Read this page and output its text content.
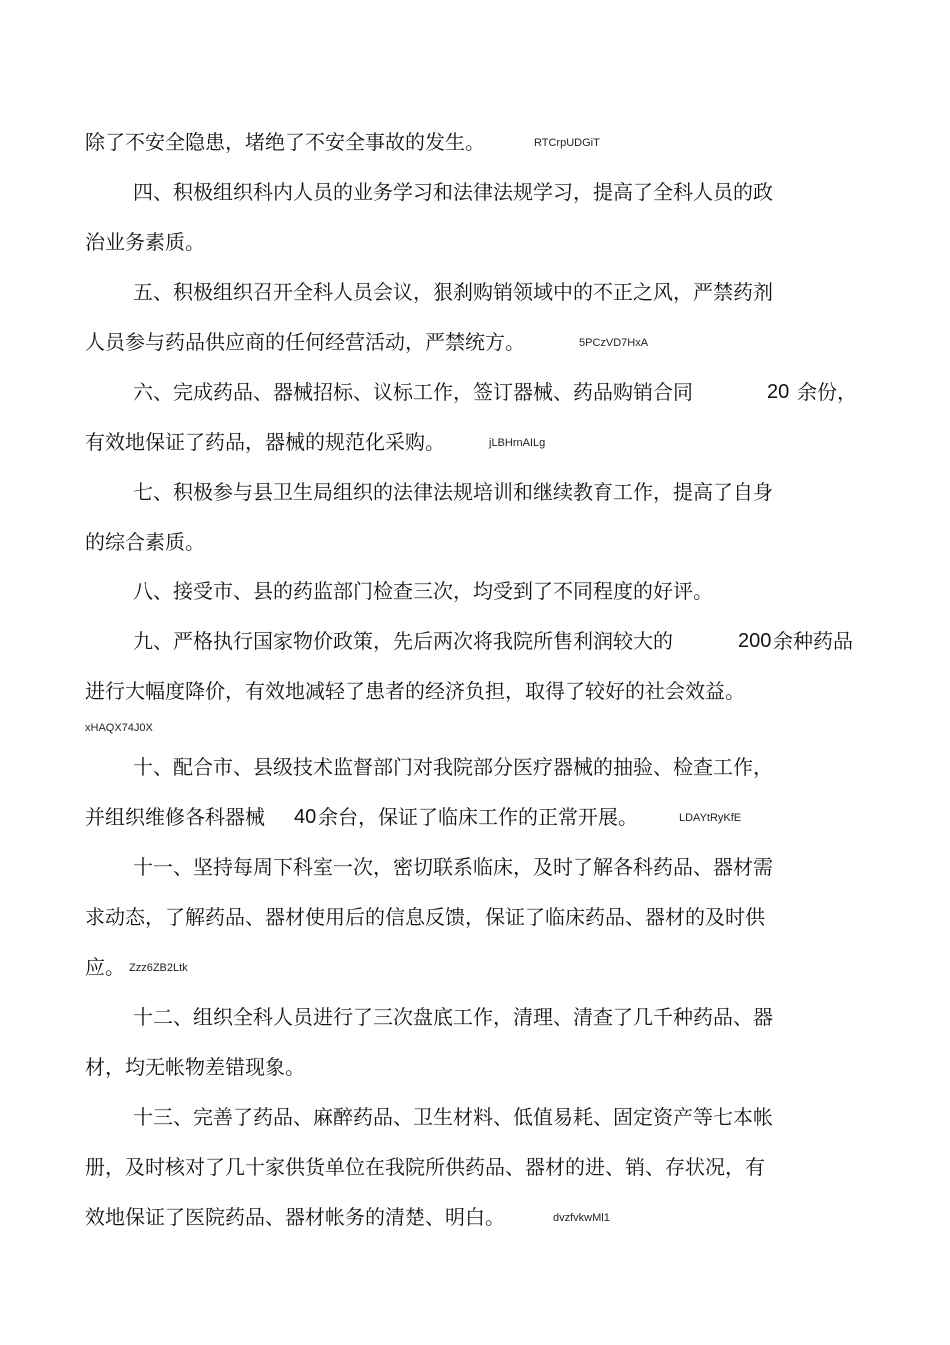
除了不安全隐患，堵绝了不安全事故的发生。	RTCrpUDGiT
四、积极组织科内人员的业务学习和法律法规学习，提高了全科人员的政
治业务素质。
五、积极组织召开全科人员会议，狠刹购销领域中的不正之风，严禁药剂
人员参与药品供应商的任何经营活动，严禁统方。	5PCzVD7HxA
六、完成药品、器械招标、议标工作，签订器械、药品购销合同	20 余份，
有效地保证了药品，器械的规范化采购。	jLBHrnAILg
七、积极参与县卫生局组织的法律法规培训和继续教育工作，提高了自身
的综合素质。
八、接受市、县的药监部门检查三次，均受到了不同程度的好评。
九、严格执行国家物价政策，先后两次将我院所售利润较大的	200 余种药品
进行大幅度降价，有效地减轻了患者的经济负担，取得了较好的社会效益。
xHAQX74J0X
十、配合市、县级技术监督部门对我院部分医疗器械的抽验、检查工作，
并组织维修各科器械 40 余台，保证了临床工作的正常开展。	LDAYtRyKfE
十一、坚持每周下科室一次，密切联系临床，及时了解各科药品、器材需
求动态，了解药品、器材使用后的信息反馈，保证了临床药品、器材的及时供
应。 Zzz6ZB2Ltk
十二、组织全科人员进行了三次盘底工作，清理、清查了几千种药品、器
材，均无帐物差错现象。
十三、完善了药品、麻醉药品、卫生材料、低值易耗、固定资产等七本帐
册，及时核对了几十家供货单位在我院所供药品、器材的进、销、存状况，有
效地保证了医院药品、器材帐务的清楚、明白。	dvzfvkwMl1
